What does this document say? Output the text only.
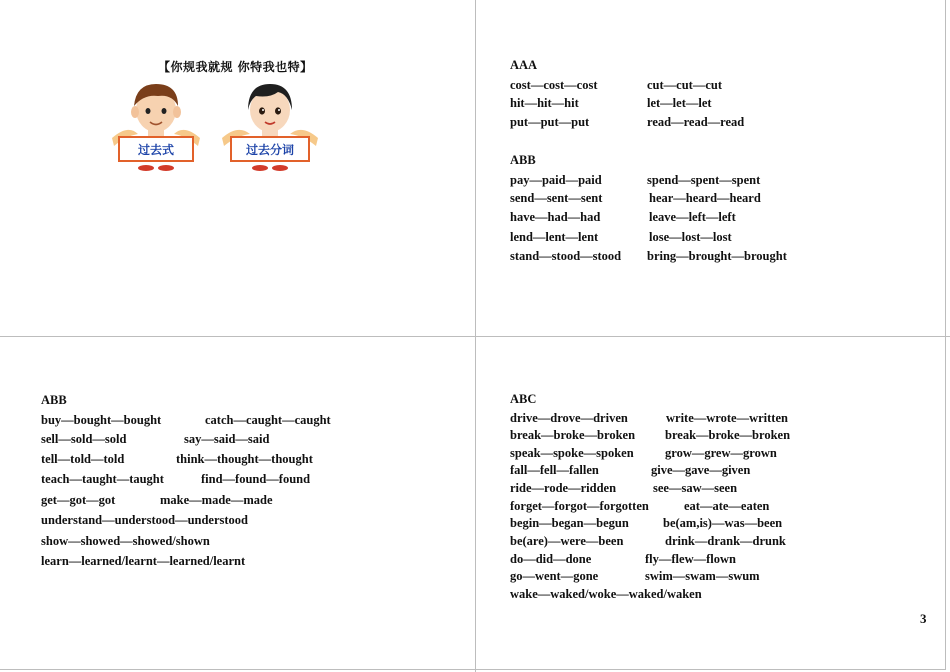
【你规我就规 你特我也特】
过去式	过去分词
AAA
cost—cost—cost	cut—cut—cut
hit—hit—hit	let—let—let
put—put—put	read—read—read
ABB
pay—paid—paid	spend—spent—spent
send—sent—sent	hear—heard—heard
have—had—had	leave—left—left
lend—lent—lent	lose—lost—lost
stand—stood—stood bring—brought—brought
ABB
buy—bought—bought	catch—caught—caught
sell—sold—sold	say—said—said
tell—told—told	think—thought—thought
teach—taught—taught	find—found—found
get—got—got	make—made—made
understand—understood—understood
show—showed—showed/shown
learn—learned/learnt—learned/learnt
ABC
drive—drove—driven	write—wrote—written
break—broke—broken break—broke—broken
speak—spoke—spoken	grow—grew—grown
fall—fell—fallen	give—gave—given
ride—rode—ridden	see—saw—seen
forget—forgot—forgotten	eat—ate—eaten
begin—began—begun	be(am,is)—was—been
be(are)—were—been	drink—drank—drunk
do—did—done	fly—flew—flown
go—went—gone	swim—swam—swum
wake—waked/woke—waked/waken
3
